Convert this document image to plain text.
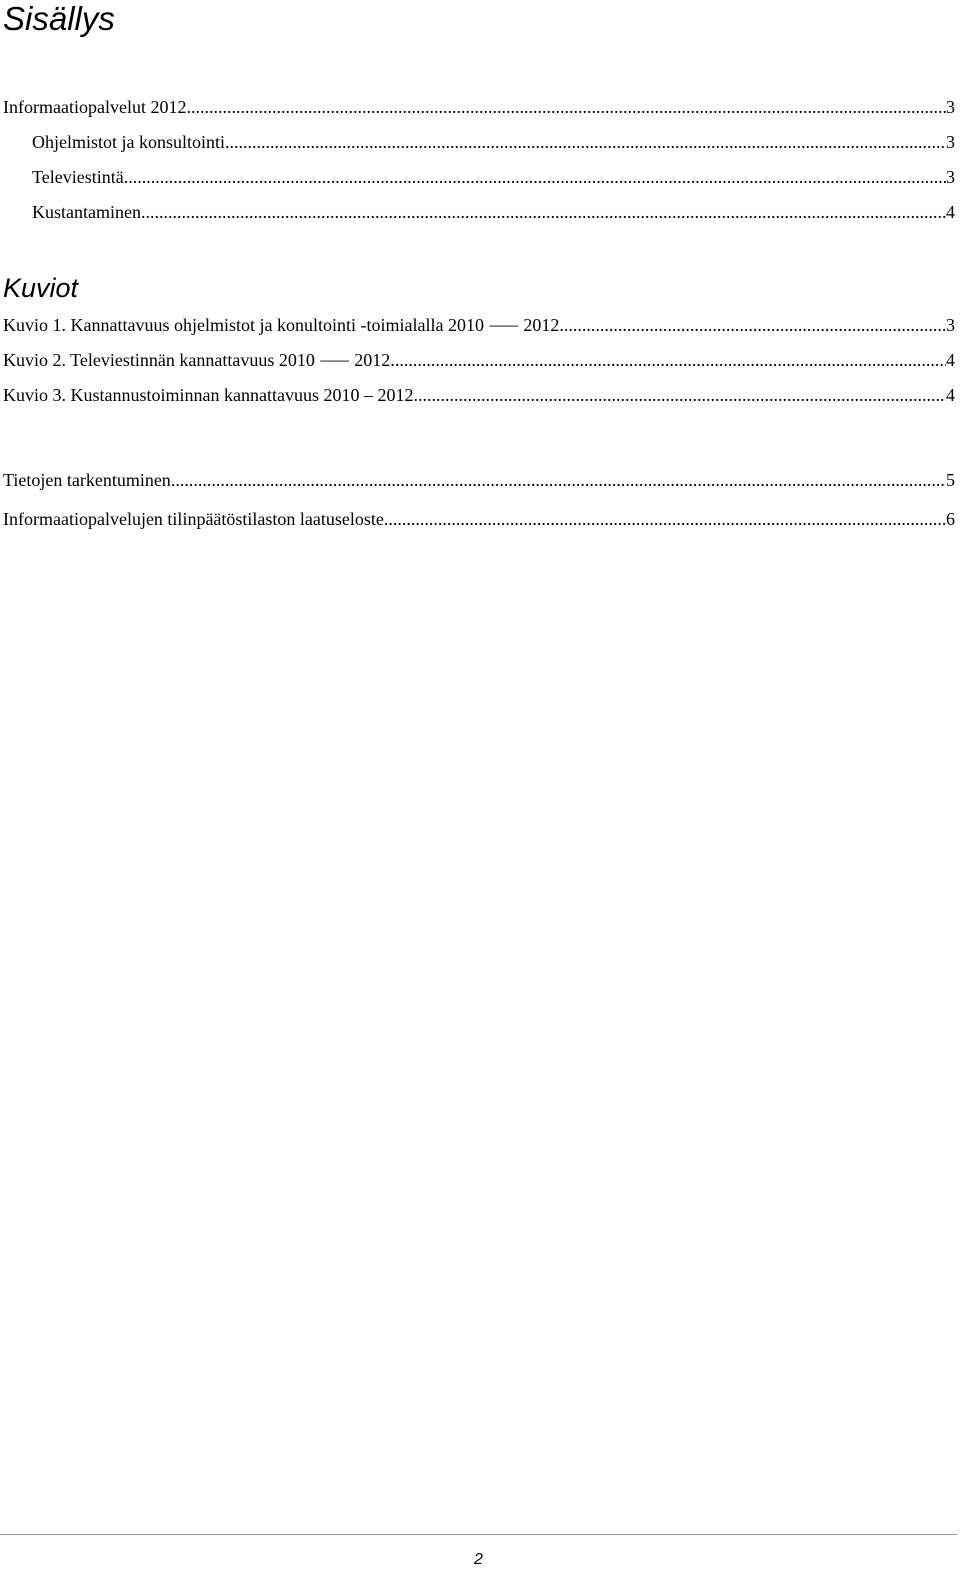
Sisällys
Informaatiopalvelut 2012 .....	3
Ohjelmistot ja konsultointi .....	3
Televiestintä .....	3
Kustantaminen .....	4
Kuviot
Kuvio 1. Kannattavuus ohjelmistot ja konultointi -toimialalla 2010 ⸺ 2012 .....	3
Kuvio 2. Televiestinnän kannattavuus 2010 ⸺ 2012 .....	4
Kuvio 3. Kustannustoiminnan kannattavuus 2010 – 2012 .....	4
Tietojen tarkentuminen .....	5
Informaatiopalvelujen tilinpäätöstilaston laatuseloste .....	6
2
